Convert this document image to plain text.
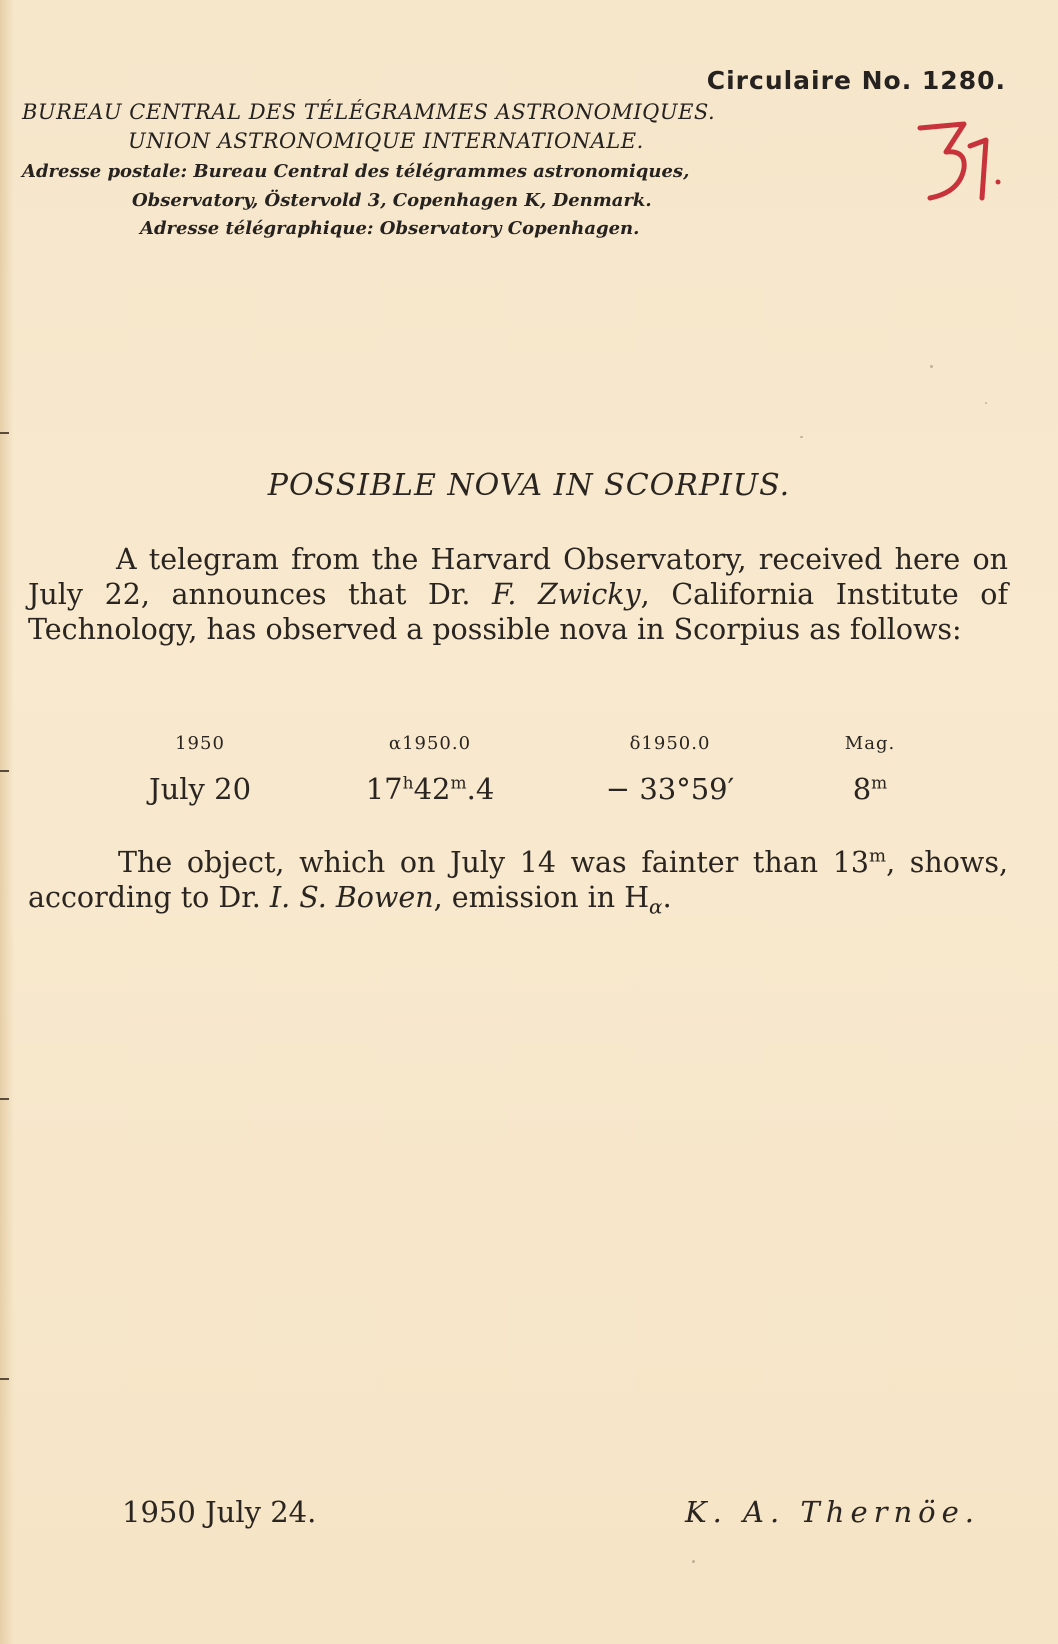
Circulaire No. 1280.
BUREAU CENTRAL DES TÉLÉGRAMMES ASTRONOMIQUES.
UNION ASTRONOMIQUE INTERNATIONALE.
Adresse postale: Bureau Central des télégrammes astronomiques,
Observatory, Östervold 3, Copenhagen K, Denmark.
Adresse télégraphique: Observatory Copenhagen.
POSSIBLE NOVA IN SCORPIUS.
A telegram from the Harvard Observatory, received here on July 22, announces that Dr. F. Zwicky, California Institute of Technology, has observed a possible nova in Scorpius as follows:
1950	α1950.0	δ1950.0	Mag.
July 20	$17^h42^m.4$	− 33°59′	8$^m$
The object, which on July 14 was fainter than 13$^m$, shows, according to Dr. I. S. Bowen, emission in $H_\alpha$.
1950 July 24.	K. A. Thernöe.
